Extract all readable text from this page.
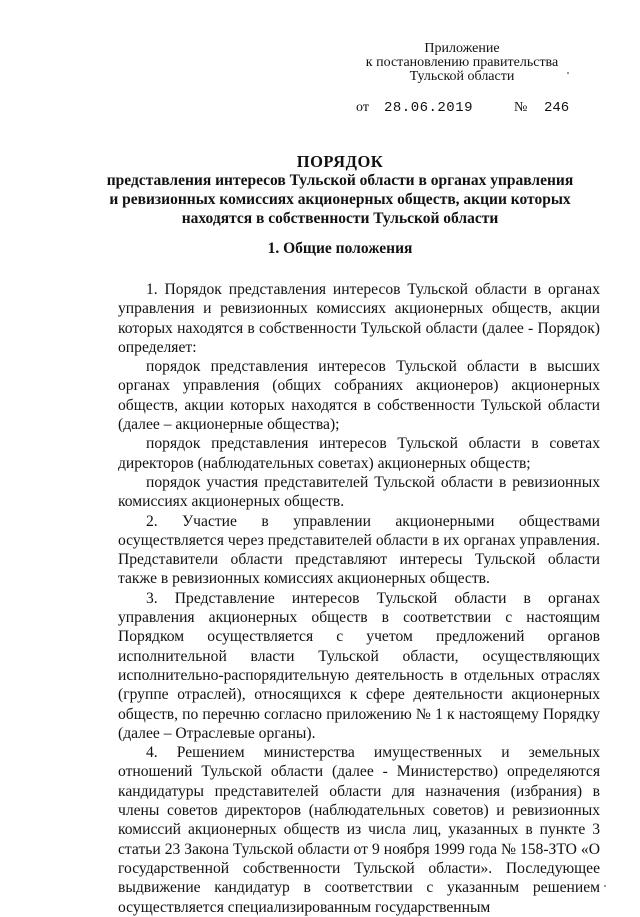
Приложение
к постановлению правительства
Тульской области
от 28.06.2019	№ 246
ПОРЯДОК
представления интересов Тульской области в органах управления
и ревизионных комиссиях акционерных обществ, акции которых
находятся в собственности Тульской области
1. Общие положения

1. Порядок представления интересов Тульской области в органах управления и ревизионных комиссиях акционерных обществ, акции которых находятся в собственности Тульской области (далее - Порядок) определяет:

порядок представления интересов Тульской области в высших органах управления (общих собраниях акционеров) акционерных обществ, акции которых находятся в собственности Тульской области (далее – акционерные общества);

порядок представления интересов Тульской области в советах директоров (наблюдательных советах) акционерных обществ;

порядок участия представителей Тульской области в ревизионных комиссиях акционерных обществ.

2. Участие в управлении акционерными обществами осуществляется через представителей области в их органах управления. Представители области представляют интересы Тульской области также в ревизионных комиссиях акционерных обществ.

3. Представление интересов Тульской области в органах управления акционерных обществ в соответствии с настоящим Порядком осуществляется с учетом предложений органов исполнительной власти Тульской области, осуществляющих исполнительно-распорядительную деятельность в отдельных отраслях (группе отраслей), относящихся к сфере деятельности акционерных обществ, по перечню согласно приложению № 1 к настоящему Порядку (далее – Отраслевые органы).

4. Решением министерства имущественных и земельных отношений Тульской области (далее - Министерство) определяются кандидатуры представителей области для назначения (избрания) в члены советов директоров (наблюдательных советов) и ревизионных комиссий акционерных обществ из числа лиц, указанных в пункте 3 статьи 23 Закона Тульской области от 9 ноября 1999 года № 158-ЗТО «О государственной собственности Тульской области». Последующее выдвижение кандидатур в соответствии с указанным решением осуществляется специализированным государственным
